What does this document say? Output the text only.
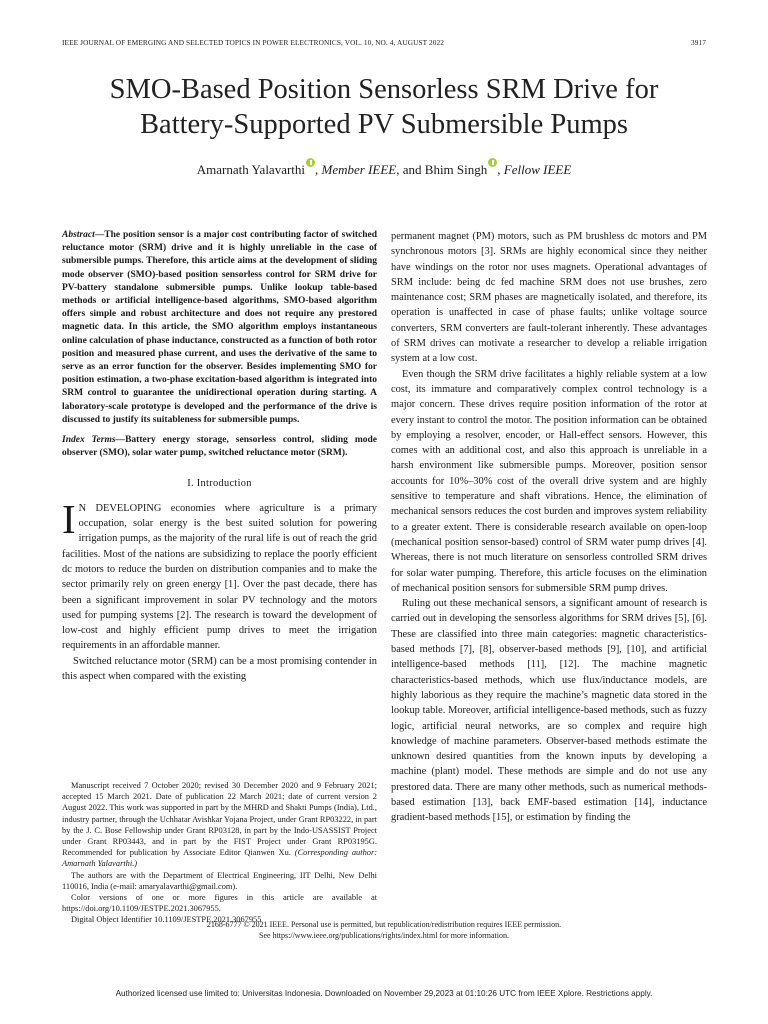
IEEE JOURNAL OF EMERGING AND SELECTED TOPICS IN POWER ELECTRONICS, VOL. 10, NO. 4, AUGUST 2022	3917
SMO-Based Position Sensorless SRM Drive for
Battery-Supported PV Submersible Pumps
Amarnath Yalavarthi , Member IEEE, and Bhim Singh , Fellow IEEE

Abstract—The position sensor is a major cost contributing factor of switched reluctance motor (SRM) drive and it is highly unreliable in the case of submersible pumps. Therefore, this article aims at the development of sliding mode observer (SMO)-based position sensorless control for SRM drive for PV-battery standalone submersible pumps. Unlike lookup table-based methods or artificial intelligence-based algorithms, SMO-based algorithm offers simple and robust architecture and does not require any prestored magnetic data. In this article, the SMO algorithm employs instantaneous online calculation of phase inductance, constructed as a function of both rotor position and measured phase current, and uses the derivative of the same to serve as an error function for the observer. Besides implementing SMO for position estimation, a two-phase excitation-based algorithm is integrated into SRM control to guarantee the unidirectional operation during starting. A laboratory-scale prototype is developed and the performance of the drive is discussed to justify its suitableness for submersible pumps.

Index Terms—Battery energy storage, sensorless control, sliding mode observer (SMO), solar water pump, switched reluctance motor (SRM).

I. Introduction

I N DEVELOPING economies where agriculture is a primary occupation, solar energy is the best suited solution for powering irrigation pumps, as the majority of the rural life is out of reach the grid facilities. Most of the nations are subsidizing to replace the poorly efficient dc motors to reduce the burden on distribution companies and to make the sector primarily rely on green energy [1]. Over the past decade, there has been a significant improvement in solar PV technology and the motors used for pumping systems [2]. The research is toward the development of low-cost and highly efficient pump drives to meet the irrigation requirements in an affordable manner.

Switched reluctance motor (SRM) can be a most promising contender in this aspect when compared with the existing

Manuscript received 7 October 2020; revised 30 December 2020 and 9 February 2021; accepted 15 March 2021. Date of publication 22 March 2021; date of current version 2 August 2022. This work was supported in part by the MHRD and Shakti Pumps (India), Ltd., industry partner, through the Uchhatar Avishkar Yojana Project, under Grant RP03222, in part by the J. C. Bose Fellowship under Grant RP03128, in part by the Indo-USASSIST Project under Grant RP03443, and in part by the FIST Project under Grant RP03195G. Recommended for publication by Associate Editor Qianwen Xu. (Corresponding author: Amarnath Yalavarthi.)

The authors are with the Department of Electrical Engineering, IIT Delhi, New Delhi 110016, India (e-mail: amaryalavarthi@gmail.com).

Color versions of one or more figures in this article are available at https://doi.org/10.1109/JESTPE.2021.3067955.

Digital Object Identifier 10.1109/JESTPE.2021.3067955

permanent magnet (PM) motors, such as PM brushless dc motors and PM synchronous motors [3]. SRMs are highly economical since they neither have windings on the rotor nor uses magnets. Operational advantages of SRM include: being dc fed machine SRM does not use brushes, zero maintenance cost; SRM phases are magnetically isolated, and therefore, its operation is unaffected in case of phase faults; unlike voltage source converters, SRM converters are fault-tolerant inherently. These advantages of SRM drives can motivate a researcher to develop a reliable irrigation system at a low cost.

Even though the SRM drive facilitates a highly reliable system at a low cost, its immature and comparatively complex control technology is a major concern. These drives require position information of the rotor at every instant to control the motor. The position information can be obtained by employing a resolver, encoder, or Hall-effect sensors. However, this comes with an additional cost, and also this approach is unreliable in a harsh environment like submersible pumps. Moreover, position sensor accounts for 10%–30% cost of the overall drive system and are highly sensitive to temperature and shaft vibrations. Hence, the elimination of mechanical sensors reduces the cost burden and improves system reliability to a greater extent. There is considerable research available on open-loop (mechanical position sensor-based) control of SRM water pump drives [4]. Whereas, there is not much literature on sensorless controlled SRM drives for solar water pumping. Therefore, this article focuses on the elimination of mechanical position sensors for submersible SRM pump drives.

Ruling out these mechanical sensors, a significant amount of research is carried out in developing the sensorless algorithms for SRM drives [5], [6]. These are classified into three main categories: magnetic characteristics-based methods [7], [8], observer-based methods [9], [10], and artificial intelligence-based methods [11], [12]. The machine magnetic characteristics-based methods, which use flux/inductance models, are highly laborious as they require the machine’s magnetic data stored in the lookup table. Moreover, artificial intelligence-based methods, such as fuzzy logic, artificial neural networks, are so complex and require high knowledge of machine parameters. Observer-based methods estimate the unknown desired quantities from the known inputs by developing a machine (plant) model. These methods are simple and do not use any prestored data. There are many other methods, such as numerical methods-based estimation [13], back EMF-based estimation [14], inductance gradient-based methods [15], or estimation by finding the

2168-6777 © 2021 IEEE. Personal use is permitted, but republication/redistribution requires IEEE permission.
See https://www.ieee.org/publications/rights/index.html for more information.
Authorized licensed use limited to: Universitas Indonesia. Downloaded on November 29,2023 at 01:10:26 UTC from IEEE Xplore. Restrictions apply.
